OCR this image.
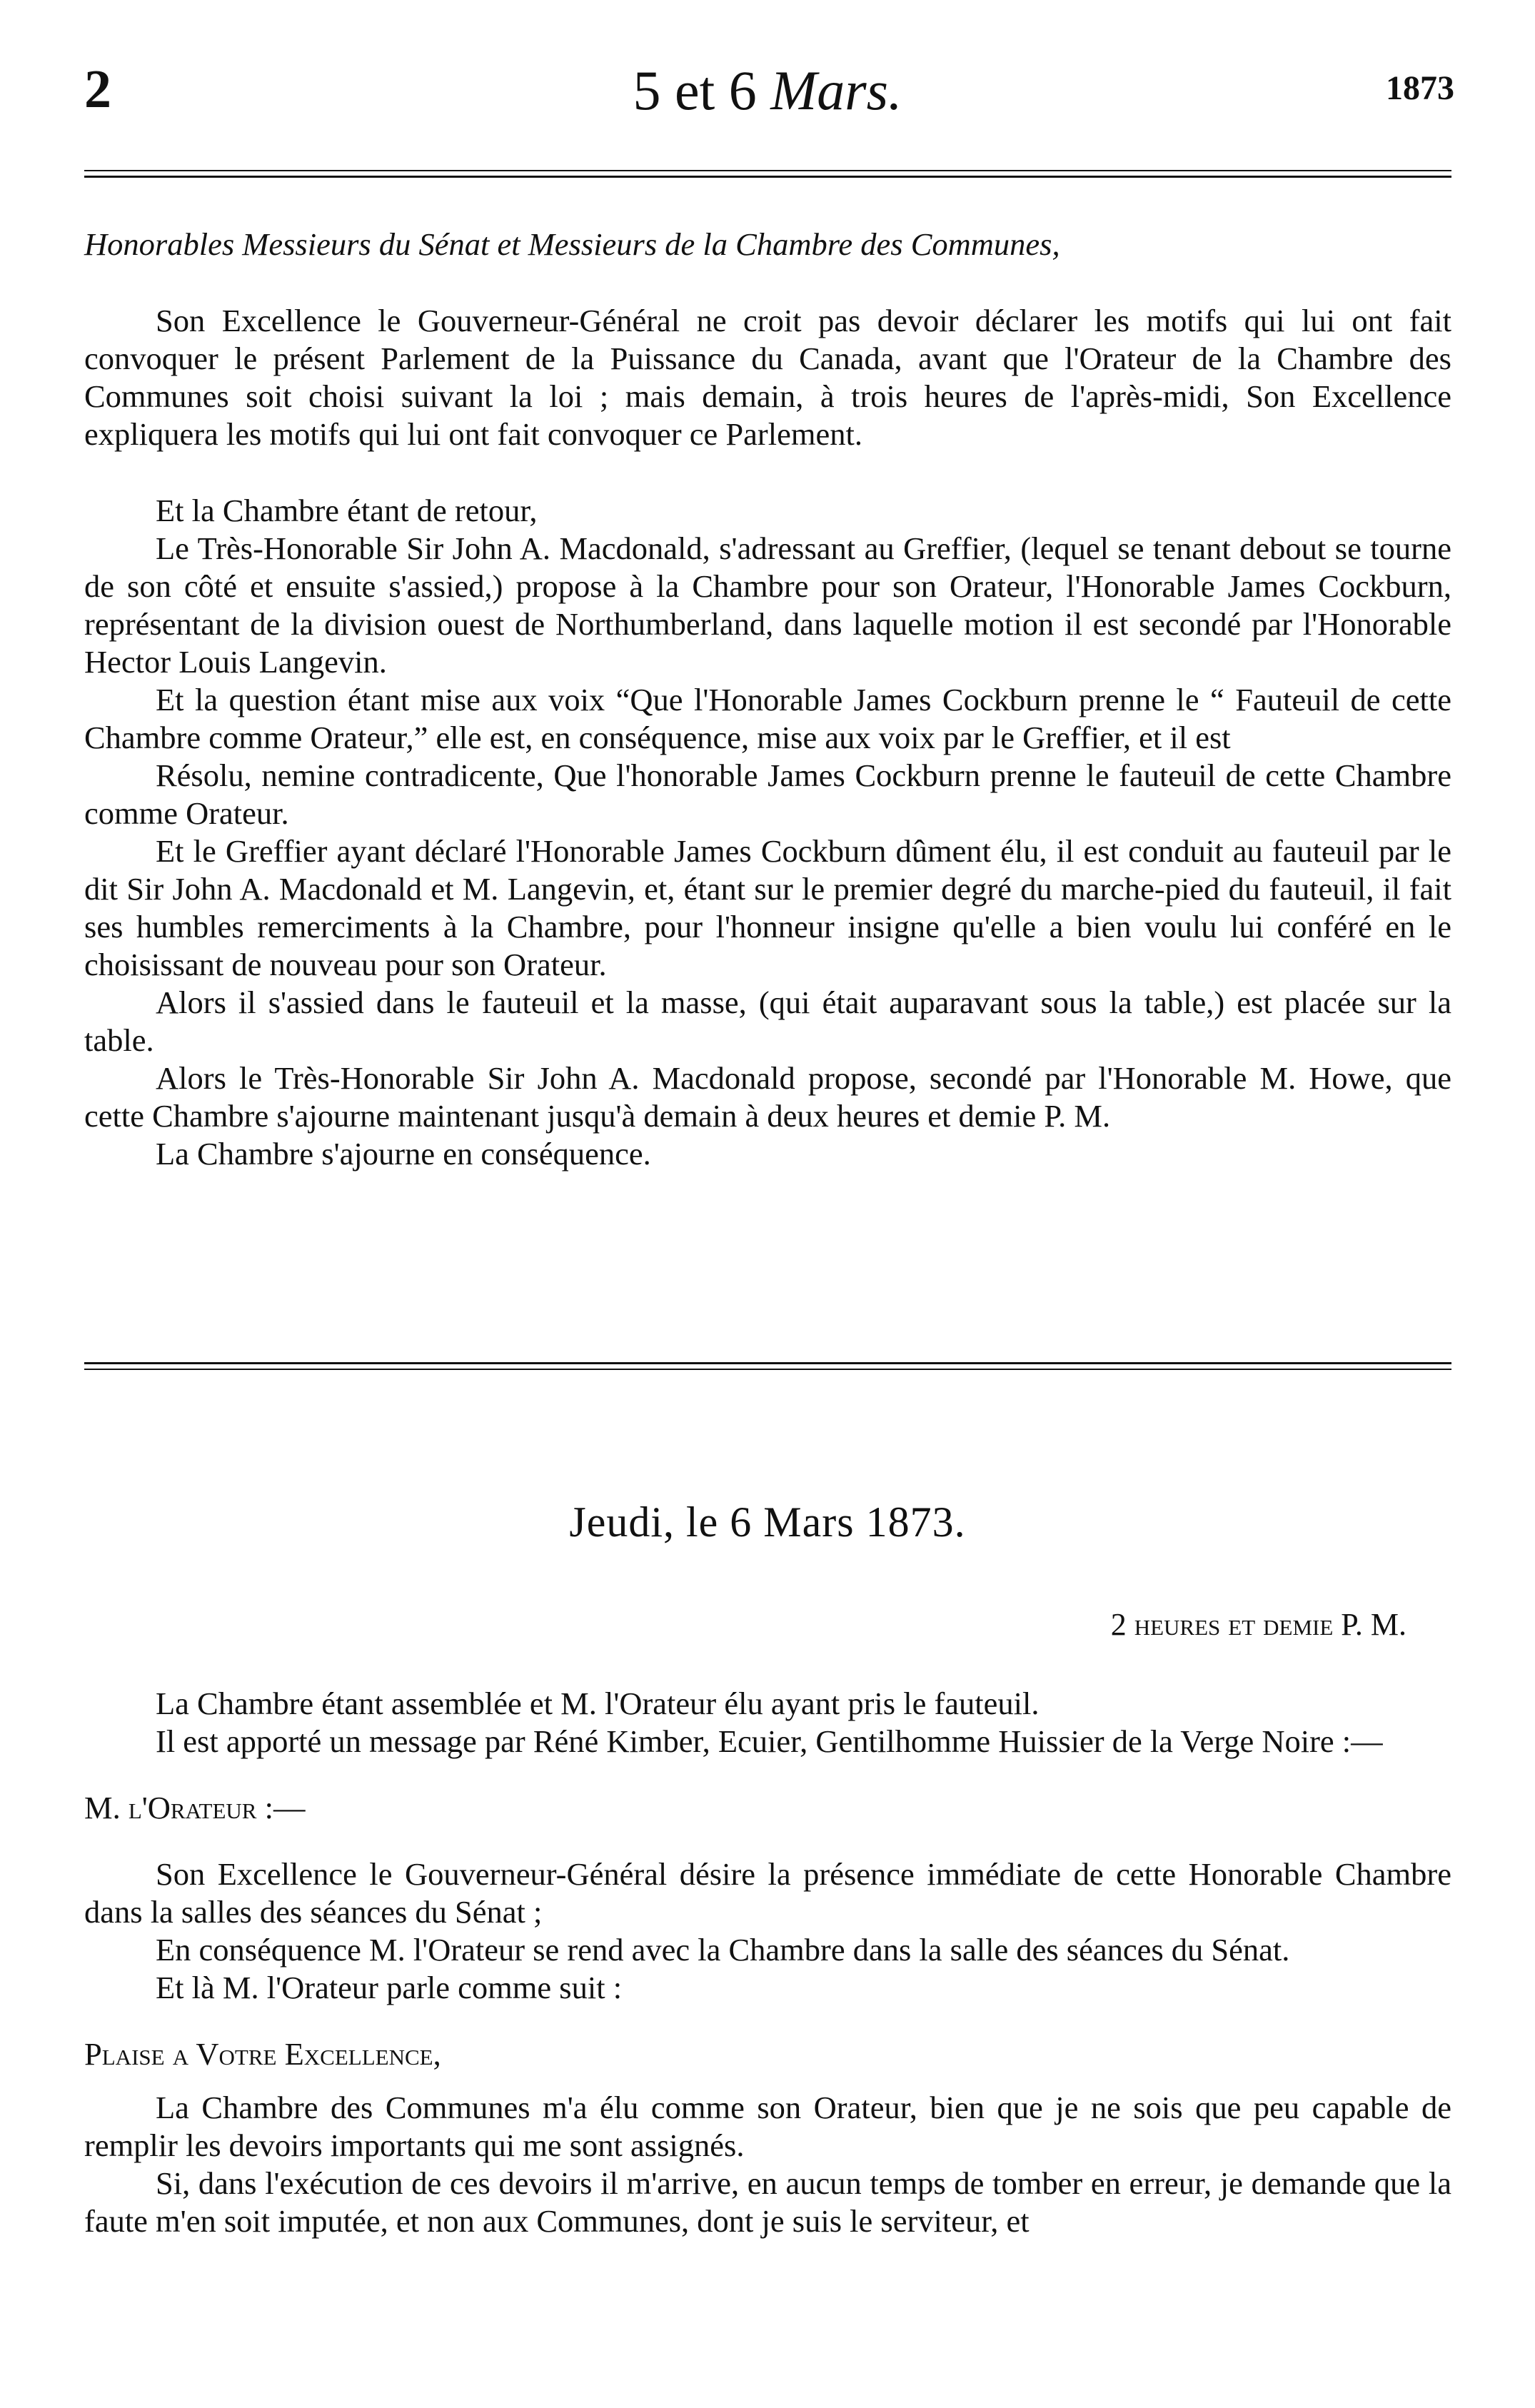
2	5 et 6 Mars.	1873

Honorables Messieurs du Sénat et Messieurs de la Chambre des Communes,

Son Excellence le Gouverneur-Général ne croit pas devoir déclarer les motifs qui lui ont fait convoquer le présent Parlement de la Puissance du Canada, avant que l'Orateur de la Chambre des Communes soit choisi suivant la loi ; mais demain, à trois heures de l'après-midi, Son Excellence expliquera les motifs qui lui ont fait convoquer ce Parlement.

Et la Chambre étant de retour,

Le Très-Honorable Sir John A. Macdonald, s'adressant au Greffier, (lequel se tenant debout se tourne de son côté et ensuite s'assied,) propose à la Chambre pour son Orateur, l'Honorable James Cockburn, représentant de la division ouest de Northumberland, dans laquelle motion il est secondé par l'Honorable Hector Louis Langevin.

Et la question étant mise aux voix “Que l'Honorable James Cockburn prenne le “ Fauteuil de cette Chambre comme Orateur,” elle est, en conséquence, mise aux voix par le Greffier, et il est

Résolu, nemine contradicente, Que l'honorable James Cockburn prenne le fauteuil de cette Chambre comme Orateur.

Et le Greffier ayant déclaré l'Honorable James Cockburn dûment élu, il est conduit au fauteuil par le dit Sir John A. Macdonald et M. Langevin, et, étant sur le premier degré du marche-pied du fauteuil, il fait ses humbles remerciments à la Chambre, pour l'honneur insigne qu'elle a bien voulu lui conféré en le choisissant de nouveau pour son Orateur.

Alors il s'assied dans le fauteuil et la masse, (qui était auparavant sous la table,) est placée sur la table.

Alors le Très-Honorable Sir John A. Macdonald propose, secondé par l'Honorable M. Howe, que cette Chambre s'ajourne maintenant jusqu'à demain à deux heures et demie P. M.

La Chambre s'ajourne en conséquence.

Jeudi, le 6 Mars 1873.
2 heures et demie P. M.

La Chambre étant assemblée et M. l'Orateur élu ayant pris le fauteuil.

Il est apporté un message par Réné Kimber, Ecuier, Gentilhomme Huissier de la Verge Noire :—

M. l'Orateur :—

Son Excellence le Gouverneur-Général désire la présence immédiate de cette Honorable Chambre dans la salles des séances du Sénat ;

En conséquence M. l'Orateur se rend avec la Chambre dans la salle des séances du Sénat.

Et là M. l'Orateur parle comme suit :

Plaise a Votre Excellence,

La Chambre des Communes m'a élu comme son Orateur, bien que je ne sois que peu capable de remplir les devoirs importants qui me sont assignés.

Si, dans l'exécution de ces devoirs il m'arrive, en aucun temps de tomber en erreur, je demande que la faute m'en soit imputée, et non aux Communes, dont je suis le serviteur, et
